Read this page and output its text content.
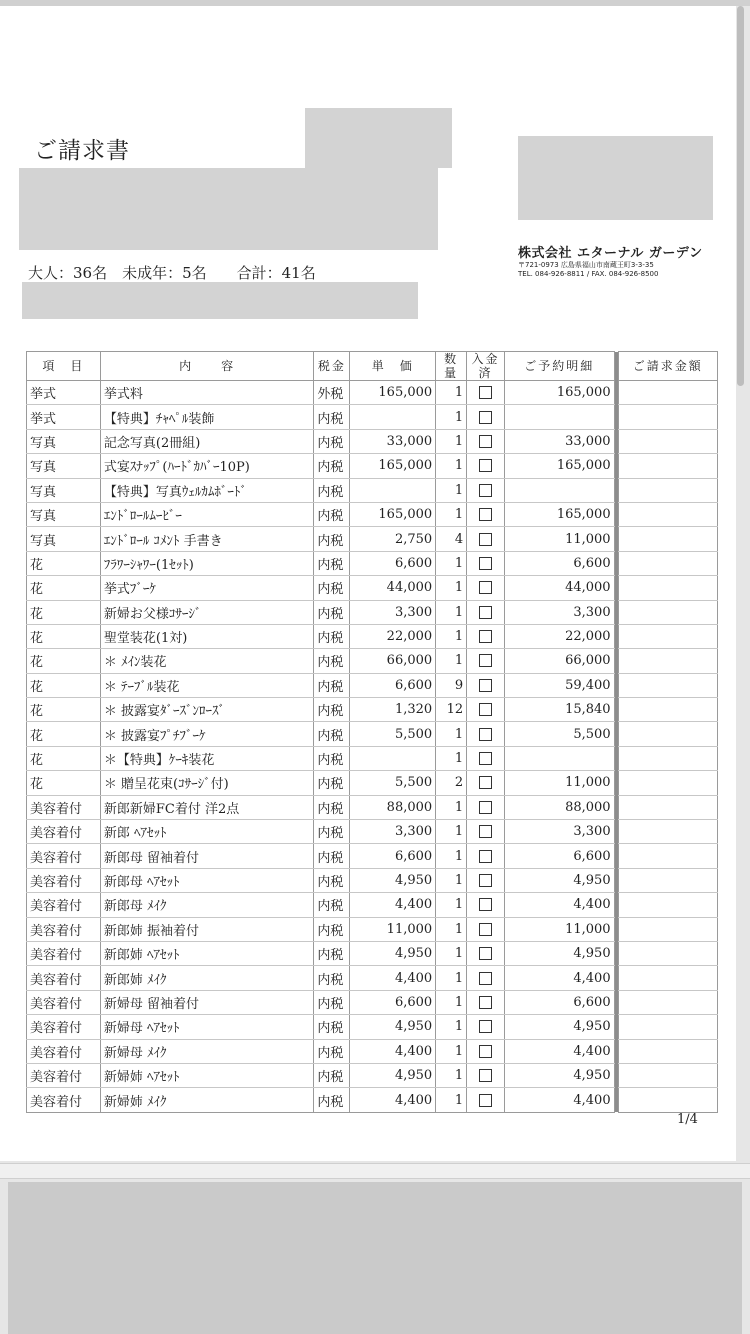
ご請求書
株式会社 エターナル ガーデン
〒721-0973 広島県福山市南蔵王町3-3-35
TEL. 084-926-8811 / FAX. 084-926-8500
大人：36名　未成年：5名　　合計：41名
項　目	内　　容	税金	単　価	数量	入金済	ご予約明細		ご請求金額
挙式	挙式料	外税	165,000	1		165,000		
挙式	【特典】ﾁｬﾍﾟﾙ装飾	内税		1				
写真	記念写真(2冊組)	内税	33,000	1		33,000		
写真	式宴ｽﾅｯﾌﾟ(ﾊｰﾄﾞｶﾊﾞｰ10P)	内税	165,000	1		165,000		
写真	【特典】写真ｳｪﾙｶﾑﾎﾞｰﾄﾞ	内税		1				
写真	ｴﾝﾄﾞﾛｰﾙﾑｰﾋﾞｰ	内税	165,000	1		165,000		
写真	ｴﾝﾄﾞﾛｰﾙ ｺﾒﾝﾄ 手書き	内税	2,750	4		11,000		
花	ﾌﾗﾜｰｼｬﾜｰ(1ｾｯﾄ)	内税	6,600	1		6,600		
花	挙式ﾌﾞｰｹ	内税	44,000	1		44,000		
花	新婦お父様ｺｻｰｼﾞ	内税	3,300	1		3,300		
花	聖堂装花(1対)	内税	22,000	1		22,000		
花	＊ ﾒｲﾝ装花	内税	66,000	1		66,000		
花	＊ ﾃｰﾌﾞﾙ装花	内税	6,600	9		59,400		
花	＊ 披露宴ﾀﾞｰｽﾞﾝﾛｰｽﾞ	内税	1,320	12		15,840		
花	＊ 披露宴ﾌﾟﾁﾌﾞｰｹ	内税	5,500	1		5,500		
花	＊【特典】ｹｰｷ装花	内税		1				
花	＊ 贈呈花束(ｺｻｰｼﾞ付)	内税	5,500	2		11,000		
美容着付	新郎新婦FC着付 洋2点	内税	88,000	1		88,000		
美容着付	新郎 ﾍｱｾｯﾄ	内税	3,300	1		3,300		
美容着付	新郎母 留袖着付	内税	6,600	1		6,600		
美容着付	新郎母 ﾍｱｾｯﾄ	内税	4,950	1		4,950		
美容着付	新郎母 ﾒｲｸ	内税	4,400	1		4,400		
美容着付	新郎姉 振袖着付	内税	11,000	1		11,000		
美容着付	新郎姉 ﾍｱｾｯﾄ	内税	4,950	1		4,950		
美容着付	新郎姉 ﾒｲｸ	内税	4,400	1		4,400		
美容着付	新婦母 留袖着付	内税	6,600	1		6,600		
美容着付	新婦母 ﾍｱｾｯﾄ	内税	4,950	1		4,950		
美容着付	新婦母 ﾒｲｸ	内税	4,400	1		4,400		
美容着付	新婦姉 ﾍｱｾｯﾄ	内税	4,950	1		4,950		
美容着付	新婦姉 ﾒｲｸ	内税	4,400	1		4,400		
1/4
